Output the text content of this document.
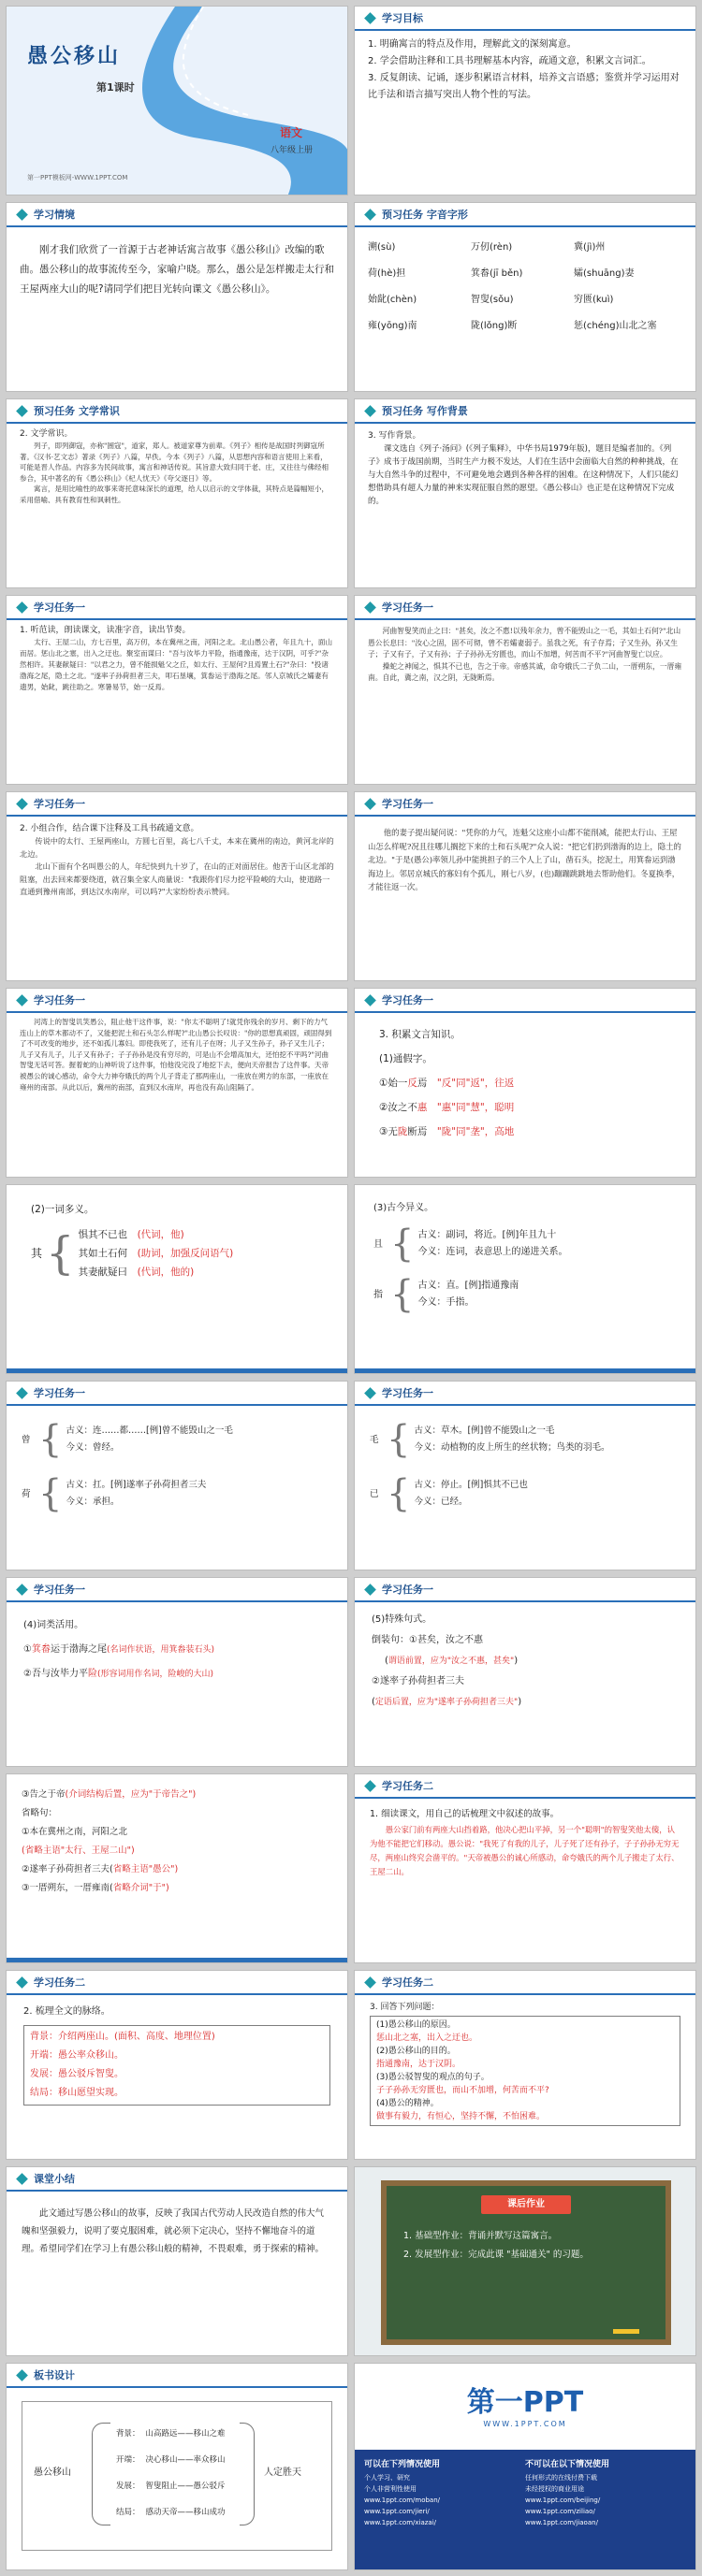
愚公移山
第1课时
语文
八年级上册
第一PPT模板网-WWW.1PPT.COM
学习目标

1. 明确寓言的特点及作用，理解此文的深刻寓意。

2. 学会借助注释和工具书理解基本内容，疏通文意，积累文言词汇。

3. 反复朗读、记诵，逐步积累语言材料，培养文言语感；鉴赏并学习运用对比手法和语言描写突出人物个性的写法。

学习情境

刚才我们欣赏了一首源于古老神话寓言故事《愚公移山》改编的歌曲。愚公移山的故事流传至今，家喻户晓。那么，愚公是怎样搬走太行和王屋两座大山的呢?请同学们把目光转向课文《愚公移山》。

预习任务 字音字形
溯(sù)	万仞(rèn)	冀(jì)州
荷(hè)担	箕畚(jī běn)	孀(shuāng)妻
始龀(chèn)	智叟(sǒu)	穷匮(kuì)
雍(yōng)南	陇(lǒng)断	惩(chéng)山北之塞
预习任务 文学常识

2. 文学常识。

列子，即列御寇，亦称"圄寇"，道家，郑人。被道家尊为前辈。《列子》相传是战国时列御寇所著。《汉书·艺文志》著录《列子》八篇，早佚。今本《列子》八篇，从思想内容和语言使用上来看，可能是晋人作品。内容多为民间故事，寓言和神话传说。其旨意大致归同于老、庄，又往往与佛经相参合，其中著名的有《愚公移山》《杞人忧天》《夸父逐日》等。

寓言，是用比喻性的故事来寄托意味深长的道理，给人以启示的文学体裁，其特点是篇幅短小，采用借喻、具有教育性和讽刺性。

预习任务 写作背景

3. 写作背景。

课文选自《列子·汤问》(《列子集释》，中华书局1979年版)，题目是编者加的。《列子》成书于战国前期，当时生产力极不发达，人们在生活中会面临大自然的种种挑战，在与大自然斗争的过程中，不可避免地会遇到各种各样的困难。在这种情况下，人们只能幻想借助具有超人力量的神来实现征服自然的愿望。《愚公移山》也正是在这种情况下完成的。

学习任务一

1. 听范读，朗读课文，读准字音，读出节奏。

太行、王屋二山，方七百里，高万仞，本在冀州之南，河阳之北。北山愚公者，年且九十，面山而居。惩山北之塞，出入之迂也。聚室而谋曰："吾与汝毕力平险，指通豫南，达于汉阴，可乎?"杂然相许。其妻献疑曰："以君之力，曾不能损魁父之丘，如太行、王屋何?且焉置土石?"杂曰："投诸渤海之尾，隐土之北。"遂率子孙荷担者三夫，叩石垦壤，箕畚运于渤海之尾。邻人京城氏之孀妻有遗男，始龀，跳往助之。寒暑易节，始一反焉。

学习任务一

河曲智叟笑而止之曰："甚矣，汝之不惠!以残年余力，曾不能毁山之一毛，其如土石何?"北山愚公长息曰："汝心之固，固不可彻，曾不若孀妻弱子。虽我之死，有子存焉；子又生孙，孙又生子；子又有子，子又有孙；子子孙孙无穷匮也，而山不加增，何苦而不平?"河曲智叟亡以应。

操蛇之神闻之，惧其不已也，告之于帝。帝感其诚，命夸娥氏二子负二山，一厝朔东，一厝雍南。自此，冀之南，汉之阴，无陇断焉。

学习任务一

2. 小组合作，结合课下注释及工具书疏通文意。

传说中的太行、王屋两座山，方圆七百里，高七八千丈，本来在冀州的南边，黄河北岸的北边。

北山下面有个名叫愚公的人，年纪快到九十岁了，在山的正对面居住。他苦于山区北部的阻塞，出去回来都要绕道，就召集全家人商量说："我跟你们尽力挖平险峻的大山，使道路一直通到豫州南部，到达汉水南岸，可以吗?"大家纷纷表示赞同。

学习任务一

他的妻子提出疑问说："凭你的力气，连魁父这座小山都不能削减，能把太行山、王屋山怎么样呢?况且往哪儿搁挖下来的土和石头呢?"众人说："把它们扔到渤海的边上，隐土的北边。"于是(愚公)率领儿孙中能挑担子的三个人上了山，凿石头，挖泥土，用箕畚运到渤海边上。邻居京城氏的寡妇有个孤儿，刚七八岁，(也)蹦蹦跳跳地去帮助他们。冬夏换季，才能往返一次。

学习任务一

河湾上的智叟讥笑愚公，阻止他干这件事，说："你太不聪明了!就凭你残余的岁月、剩下的力气连山上的草木都动不了，又能把泥土和石头怎么样呢?"北山愚公长叹说："你的思想真顽固，顽固得到了不可改变的地步，还不如孤儿寡妇。即使我死了，还有儿子在呀；儿子又生孙子，孙子又生儿子；儿子又有儿子，儿子又有孙子；子子孙孙是没有穷尽的，可是山不会增高加大，还怕挖不平吗?"河曲智叟无话可答。握着蛇的山神听说了这件事，怕他没完没了地挖下去，便向天帝报告了这件事。天帝被愚公的诚心感动，命令大力神夸娥氏的两个儿子背走了那两座山，一座放在朔方的东部，一座放在雍州的南部。从此以后，冀州的南部，直到汉水南岸，再也没有高山阻隔了。

学习任务一

3. 积累文言知识。

(1)通假字。

①始一反焉　 "反"同"返"，往返

②汝之不惠　 "惠"同"慧"，聪明

③无陇断焉　 "陇"同"垄"，高地

(2)一词多义。

其 { 惧其不已也　 (代词，他)

其如土石何　 (助词，加强反问语气)

其妻献疑曰　 (代词，他的)

(3)古今异义。

且 { 古义：副词，将近。[例]年且九十

今义：连词，表意思上的递进关系。

指 { 古义：直。[例]指通豫南

今义：手指。

学习任务一
曾 { 古义：连……都……[例]曾不能毁山之一毛

今义：曾经。

荷 { 古义：扛。[例]遂率子孙荷担者三夫

今义：承担。

学习任务一
毛 { 古义：草木。[例]曾不能毁山之一毛

今义：动植物的皮上所生的丝状物；鸟类的羽毛。

已 { 古义：停止。[例]惧其不已也

今义：已经。

学习任务一

(4)词类活用。

①箕畚运于渤海之尾(名词作状语，用箕畚装石头)

②吾与汝毕力平险(形容词用作名词，险峻的大山)

学习任务一

(5)特殊句式。

倒装句：①甚矣，汝之不惠

(谓语前置，应为"汝之不惠，甚矣")

②遂率子孙荷担者三夫

(定语后置，应为"遂率子孙荷担者三夫")

③告之于帝(介词结构后置，应为"于帝告之")

省略句：

①本在冀州之南，河阳之北

(省略主语"太行、王屋二山")

②遂率子孙荷担者三夫(省略主语"愚公")

③一厝朔东，一厝雍南(省略介词"于")

学习任务二

1. 细读课文，用自己的话梳理文中叙述的故事。

愚公家门前有两座大山挡着路，他决心把山平掉，另一个"聪明"的智叟笑他太傻，认为他不能把它们移动。愚公说："我死了有我的儿子，儿子死了还有孙子，子子孙孙无穷无尽，两座山终究会凿平的。"天帝被愚公的诚心所感动，命夸娥氏的两个儿子搬走了太行、王屋二山。

学习任务二

2. 梳理全文的脉络。

背景：介绍两座山。(面积、高度、地理位置)

开端：愚公率众移山。

发展：愚公驳斥智叟。

结局：移山愿望实现。

学习任务二

3. 回答下列问题：

(1)愚公移山的原因。

惩山北之塞，出入之迂也。

(2)愚公移山的目的。

指通豫南，达于汉阴。

(3)愚公驳智叟的观点的句子。

子子孙孙无穷匮也，而山不加增，何苦而不平?

(4)愚公的精神。

做事有毅力，有恒心，坚持不懈，不怕困难。

课堂小结

此文通过写愚公移山的故事，反映了我国古代劳动人民改造自然的伟大气魄和坚强毅力，说明了要克服困难，就必须下定决心，坚持不懈地奋斗的道理。希望同学们在学习上有愚公移山般的精神，不畏艰难，勇于探索的精神。

课后作业

1. 基础型作业：背诵并默写这篇寓言。

2. 发展型作业：完成此课 "基础通关" 的习题。

板书设计
愚公移山

背景： 山高路远——移山之难

开端： 决心移山——率众移山

发展： 智叟阻止——愚公驳斥

结局： 感动天帝——移山成功

人定胜天
第一PPT
WWW.1PPT.COM

可以在下列情况使用

个人学习、研究

个人非营利性使用

www.1ppt.com/moban/

www.1ppt.com/jieri/

www.1ppt.com/xiazai/

不可以在以下情况使用

任何形式的在线付费下载

未经授权的商业用途

www.1ppt.com/beijing/

www.1ppt.com/ziliao/

www.1ppt.com/jiaoan/
